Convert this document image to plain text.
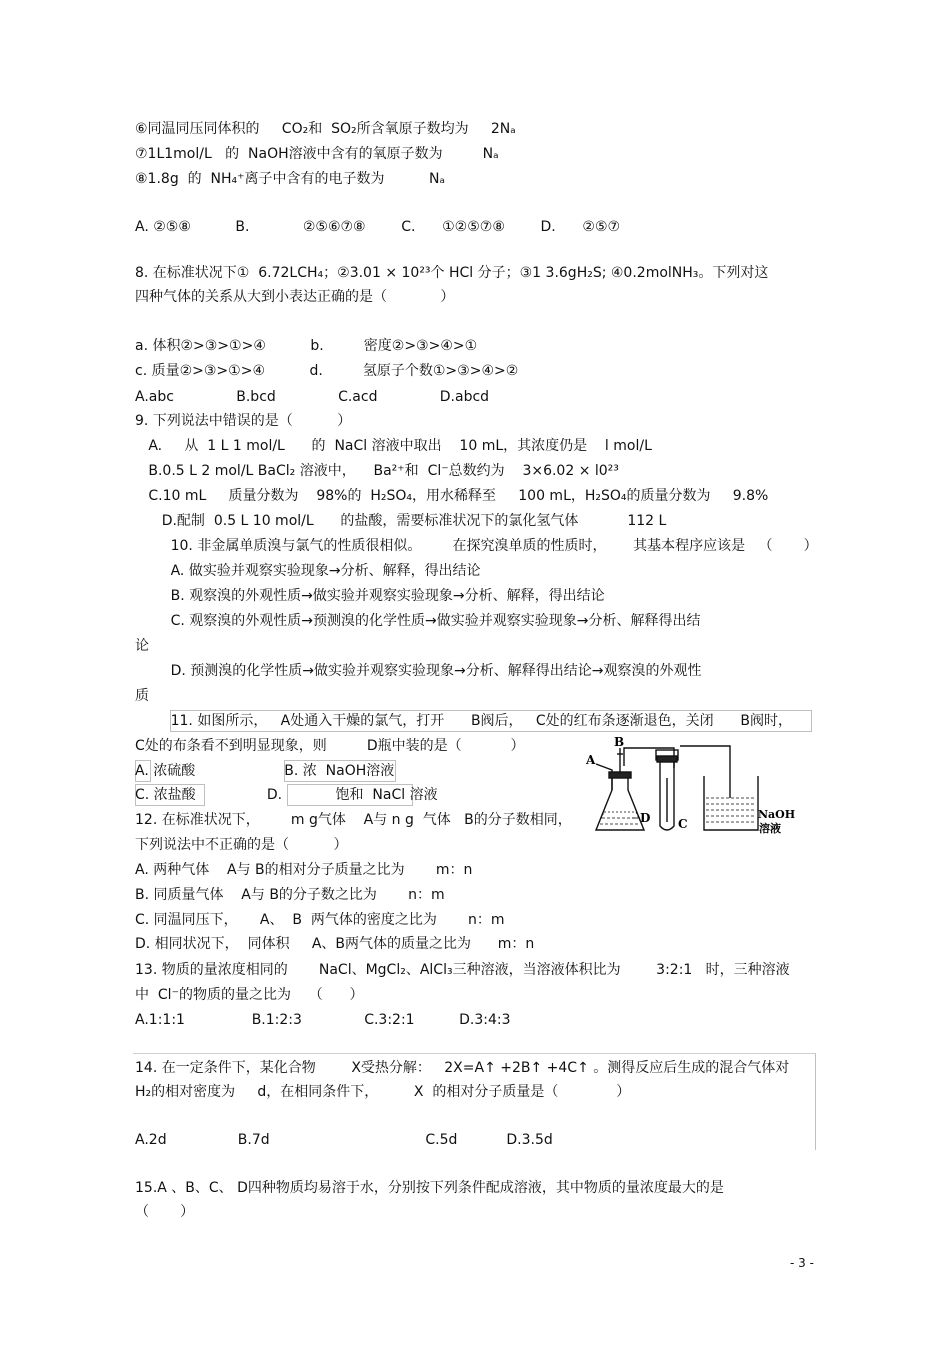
⑥同温同压同体积的     CO₂和  SO₂所含氧原子数均为     2Nₐ
⑦1L1mol/L   的  NaOH溶液中含有的氧原子数为         Nₐ
⑧1.8g  的  NH₄⁺离子中含有的电子数为          Nₐ
A. ②⑤⑧          B.            ②⑤⑥⑦⑧        C.      ①②⑤⑦⑧        D.      ②⑤⑦
8. 在标准状况下①  6.72LCH₄；②3.01 × 10²³个 HCl 分子；③1 3.6gH₂S; ④0.2molNH₃。下列对这
四种气体的关系从大到小表达正确的是（            ）
a. 体积②>③>①>④          b.         密度②>③>④>①
c. 质量②>③>①>④          d.         氢原子个数①>③>④>②
A.abc              B.bcd              C.acd              D.abcd
9. 下列说法中错误的是（          ）
A.     从  1 L 1 mol/L      的  NaCl 溶液中取出    10 mL，其浓度仍是    l mol/L
B.0.5 L 2 mol/L BaCl₂ 溶液中，    Ba²⁺和  Cl⁻总数约为    3×6.02 × l0²³
C.10 mL     质量分数为    98%的  H₂SO₄，用水稀释至     100 mL，H₂SO₄的质量分数为     9.8%
D.配制  0.5 L 10 mol/L      的盐酸，需要标准状况下的氯化氢气体           112 L
10. 非金属单质溴与氯气的性质很相似。       在探究溴单质的性质时，      其基本程序应该是   （       ）
A. 做实验并观察实验现象→分析、解释，得出结论
B. 观察溴的外观性质→做实验并观察实验现象→分析、解释，得出结论
C. 观察溴的外观性质→预测溴的化学性质→做实验并观察实验现象→分析、解释得出结
论
D. 预测溴的化学性质→做实验并观察实验现象→分析、解释得出结论→观察溴的外观性
质
11. 如图所示，   A处通入干燥的氯气，打开      B阀后，   C处的红布条逐渐退色，关闭      B阀时，
C处的布条看不到明显现象，则         D瓶中装的是（           ）
A. 浓硫酸                    B. 浓  NaOH溶液
C. 浓盐酸                D.            饱和  NaCl 溶液
12. 在标准状况下，       m g气体    A与 n g  气体   B的分子数相同，
下列说法中不正确的是（          ）
A. 两种气体    A与 B的相对分子质量之比为       m：n
B. 同质量气体    A与 B的分子数之比为       n：m
C. 同温同压下，     A、  B  两气体的密度之比为       n：m
D. 相同状况下，  同体积     A、B两气体的质量之比为      m：n
13. 物质的量浓度相同的       NaCl、MgCl₂、AlCl₃三种溶液，当溶液体积比为        3:2:1   时，三种溶液
中  Cl⁻的物质的量之比为    （      ）
A.1:1:1               B.1:2:3              C.3:2:1          D.3:4:3
14. 在一定条件下，某化合物        X受热分解：   2X=A↑ +2B↑ +4C↑ 。测得反应后生成的混合气体对
H₂的相对密度为     d，在相同条件下，        X  的相对分子质量是（             ）
A.2d                B.7d                                   C.5d           D.3.5d
15.A 、B、C、 D四种物质均易溶于水，分别按下列条件配成溶液，其中物质的量浓度最大的是
（       ）
A
B
D C
NaOH
溶液
- 3 -
